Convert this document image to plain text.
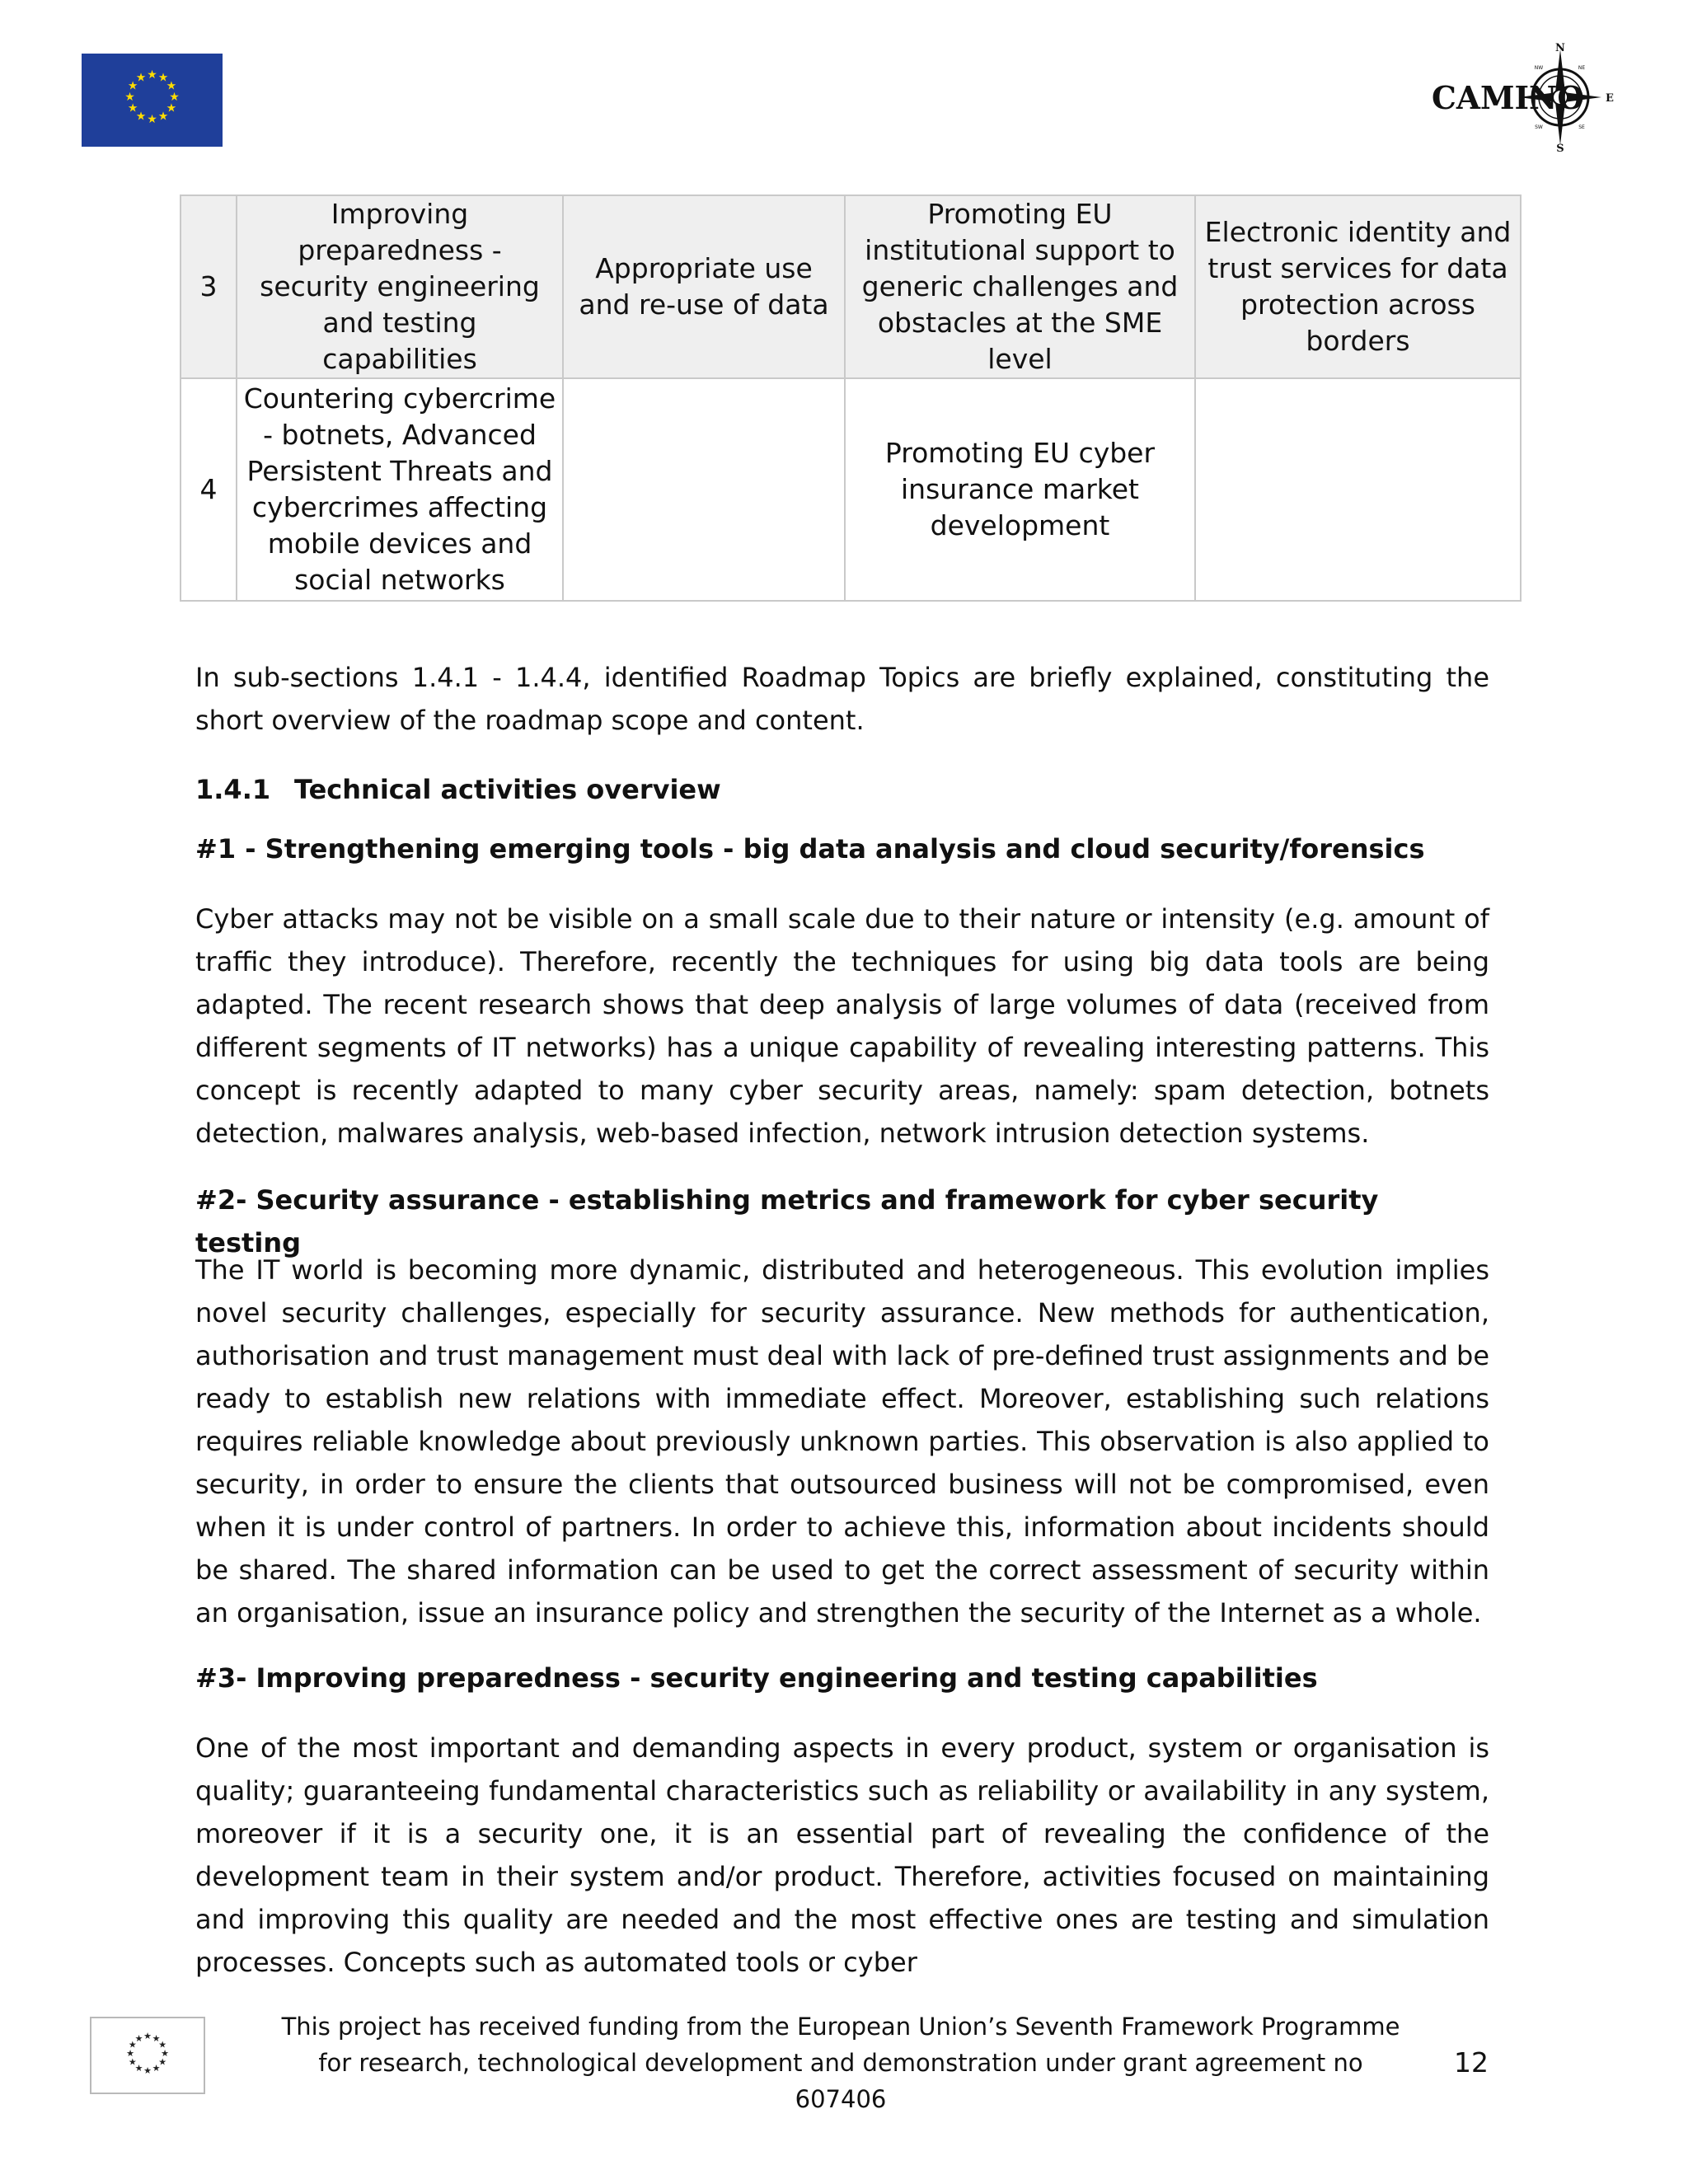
★ ★
★
★
★
★
★
★
★
★
★
★
N
S
E
NW	NE
SW	SE
CAMINO
3	Improving preparedness - security engineering and testing capabilities	Appropriate use and re-use of data	Promoting EU institutional support to generic challenges and obstacles at the SME level	Electronic identity and trust services for data protection across borders
4	Countering cybercrime - botnets, Advanced Persistent Threats and cybercrimes affecting mobile devices and social networks		Promoting EU cyber insurance market development	

In sub-sections 1.4.1 - 1.4.4, identified Roadmap Topics are briefly explained, constituting the short overview of the roadmap scope and content.

1.4.1 Technical activities overview
#1 - Strengthening emerging tools - big data analysis and cloud security/forensics

Cyber attacks may not be visible on a small scale due to their nature or intensity (e.g. amount of traffic they introduce). Therefore, recently the techniques for using big data tools are being adapted. The recent research shows that deep analysis of large volumes of data (received from different segments of IT networks) has a unique capability of revealing interesting patterns. This concept is recently adapted to many cyber security areas, namely: spam detection, botnets detection, malwares analysis, web-based infection, network intrusion detection systems.

#2- Security assurance - establishing metrics and framework for cyber security testing

The IT world is becoming more dynamic, distributed and heterogeneous. This evolution implies novel security challenges, especially for security assurance. New methods for authentication, authorisation and trust management must deal with lack of pre-defined trust assignments and be ready to establish new relations with immediate effect. Moreover, establishing such relations requires reliable knowledge about previously unknown parties. This observation is also applied to security, in order to ensure the clients that outsourced business will not be compromised, even when it is under control of partners. In order to achieve this, information about incidents should be shared. The shared information can be used to get the correct assessment of security within an organisation, issue an insurance policy and strengthen the security of the Internet as a whole.

#3- Improving preparedness - security engineering and testing capabilities

One of the most important and demanding aspects in every product, system or organisation is quality; guaranteeing fundamental characteristics such as reliability or availability in any system, moreover if it is a security one, it is an essential part of revealing the confidence of the development team in their system and/or product. Therefore, activities focused on maintaining and improving this quality are needed and the most effective ones are testing and simulation processes. Concepts such as automated tools or cyber

★ ★
★
★
★
★
★
★
★
★
★
★	This project has received funding from the European Union’s Seventh Framework Programme
for research, technological development and demonstration under grant agreement no 607406
12
